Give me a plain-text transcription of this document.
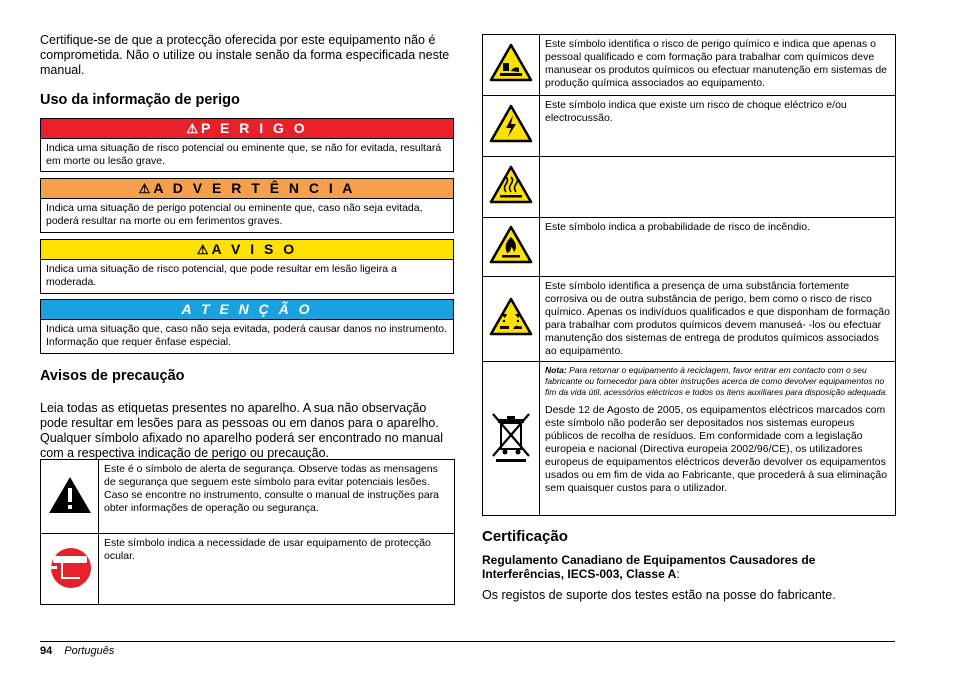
Certifique-se de que a protecção oferecida por este equipamento não é comprometida. Não o utilize ou instale senão da forma especificada neste manual.
Uso da informação de perigo
⚠ P E R I G O
Indica uma situação de risco potencial ou eminente que, se não for evitada, resultará em morte ou lesão grave.
⚠ A D V E R T Ê N C I A
Indica uma situação de perigo potencial ou eminente que, caso não seja evitada, poderá resultar na morte ou em ferimentos graves.
⚠ A V I S O
Indica uma situação de risco potencial, que pode resultar em lesão ligeira a moderada.
A T E N Ç Ã O
Indica uma situação que, caso não seja evitada, poderá causar danos no instrumento. Informação que requer ênfase especial.
Avisos de precaução
Leia todas as etiquetas presentes no aparelho. A sua não observação pode resultar em lesões para as pessoas ou em danos para o aparelho. Qualquer símbolo afixado no aparelho poderá ser encontrado no manual com a respectiva indicação de perigo ou precaução.
	Este é o símbolo de alerta de segurança. Observe todas as mensagens de segurança que seguem este símbolo para evitar potenciais lesões. Caso se encontre no instrumento, consulte o manual de instruções para obter informações de operação ou segurança.
	Este símbolo indica a necessidade de usar equipamento de protecção ocular.
	Este símbolo identifica o risco de perigo químico e indica que apenas o pessoal qualificado e com formação para trabalhar com químicos deve manusear os produtos químicos ou efectuar manutenção em sistemas de produção química associados ao equipamento.
	Este símbolo indica que existe um risco de choque eléctrico e/ou electrocussão.

	Este símbolo indica a probabilidade de risco de incêndio.
	Este símbolo identifica a presença de uma substância fortemente corrosiva ou de outra substância de perigo, bem como o risco de risco químico. Apenas os indivíduos qualificados e que disponham de formação para trabalhar com produtos químicos devem manuseá- -los ou efectuar manutenção dos sistemas de entrega de produtos químicos associados ao equipamento.

Nota: Para retornar o equipamento à reciclagem, favor entrar em contacto com o seu fabricante ou fornecedor para obter instruções acerca de como devolver equipamentos no fim da vida útil, acessórios eléctricos e todos os itens auxiliares para disposição adequada.
Desde 12 de Agosto de 2005, os equipamentos eléctricos marcados com este símbolo não poderão ser depositados nos sistemas europeus públicos de recolha de resíduos. Em conformidade com a legislação europeia e nacional (Directiva europeia 2002/96/CE), os utilizadores europeus de equipamentos eléctricos deverão devolver os equipamentos usados ou em fim de vida ao Fabricante, que procederá à sua eliminação sem quaisquer custos para o utilizador.
Certificação
Regulamento Canadiano de Equipamentos Causadores de Interferências, IECS-003, Classe A:
Os registos de suporte dos testes estão na posse do fabricante.
94 Português
